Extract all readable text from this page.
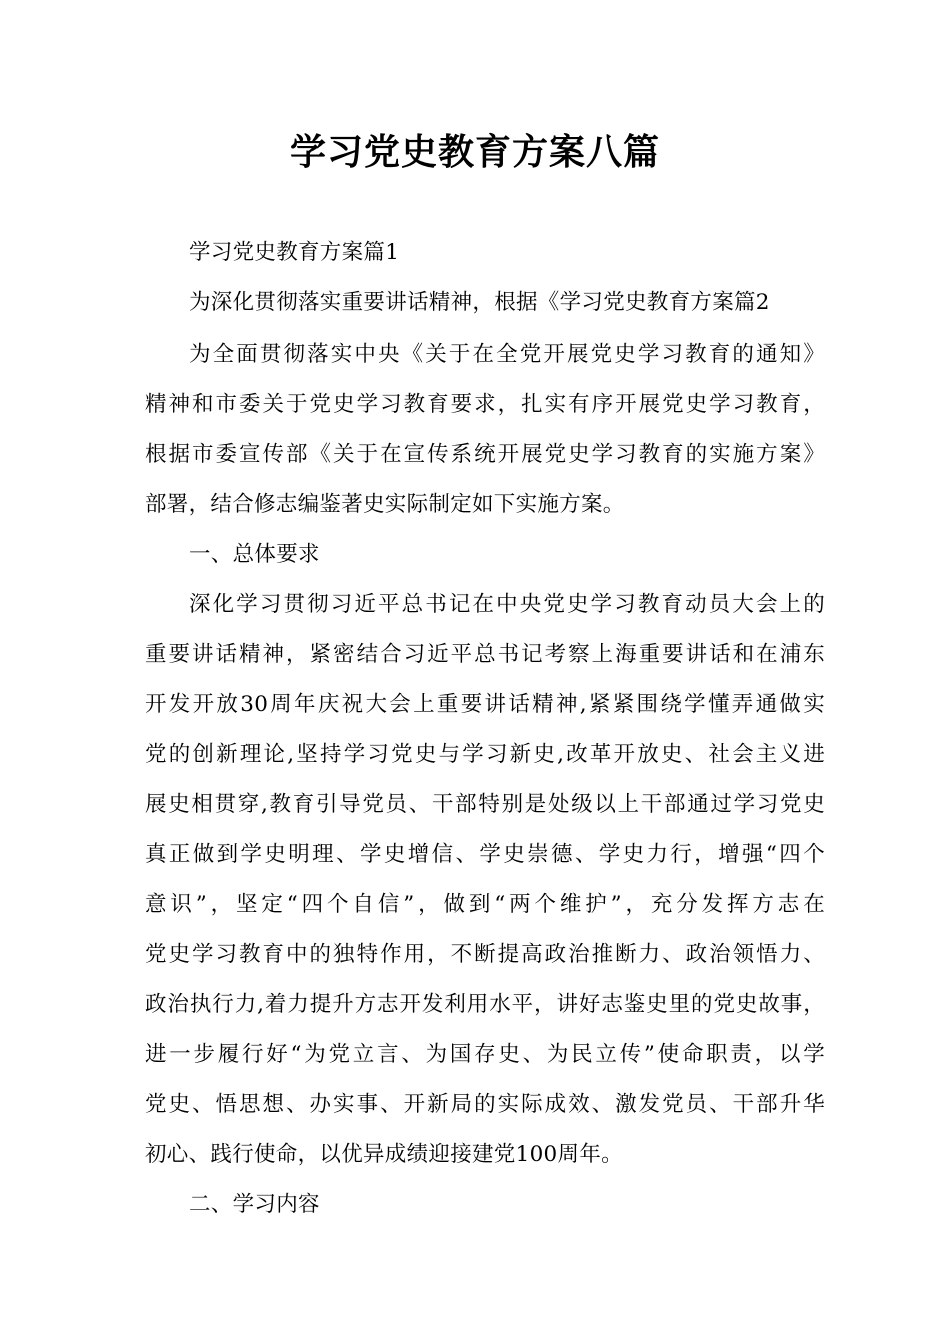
学习党史教育方案八篇
学习党史教育方案篇1
为深化贯彻落实重要讲话精神，根据《学习党史教育方案篇2
为全面贯彻落实中央《关于在全党开展党史学习教育的通知》
精神和市委关于党史学习教育要求，扎实有序开展党史学习教育，
根据市委宣传部《关于在宣传系统开展党史学习教育的实施方案》
部署，结合修志编鉴著史实际制定如下实施方案。
一、总体要求
深化学习贯彻习近平总书记在中央党史学习教育动员大会上的
重要讲话精神，紧密结合习近平总书记考察上海重要讲话和在浦东
开发开放30周年庆祝大会上重要讲话精神,紧紧围绕学懂弄通做实
党的创新理论,坚持学习党史与学习新史,改革开放史、社会主义进
展史相贯穿,教育引导党员、干部特别是处级以上干部通过学习党史
真正做到学史明理、学史增信、学史崇德、学史力行，增强“四个
意识”，坚定“四个自信”，做到“两个维护”，充分发挥方志在
党史学习教育中的独特作用，不断提高政治推断力、政治领悟力、
政治执行力,着力提升方志开发利用水平，讲好志鉴史里的党史故事，
进一步履行好“为党立言、为国存史、为民立传”使命职责，以学
党史、悟思想、办实事、开新局的实际成效、激发党员、干部升华
初心、践行使命，以优异成绩迎接建党100周年。
二、学习内容
